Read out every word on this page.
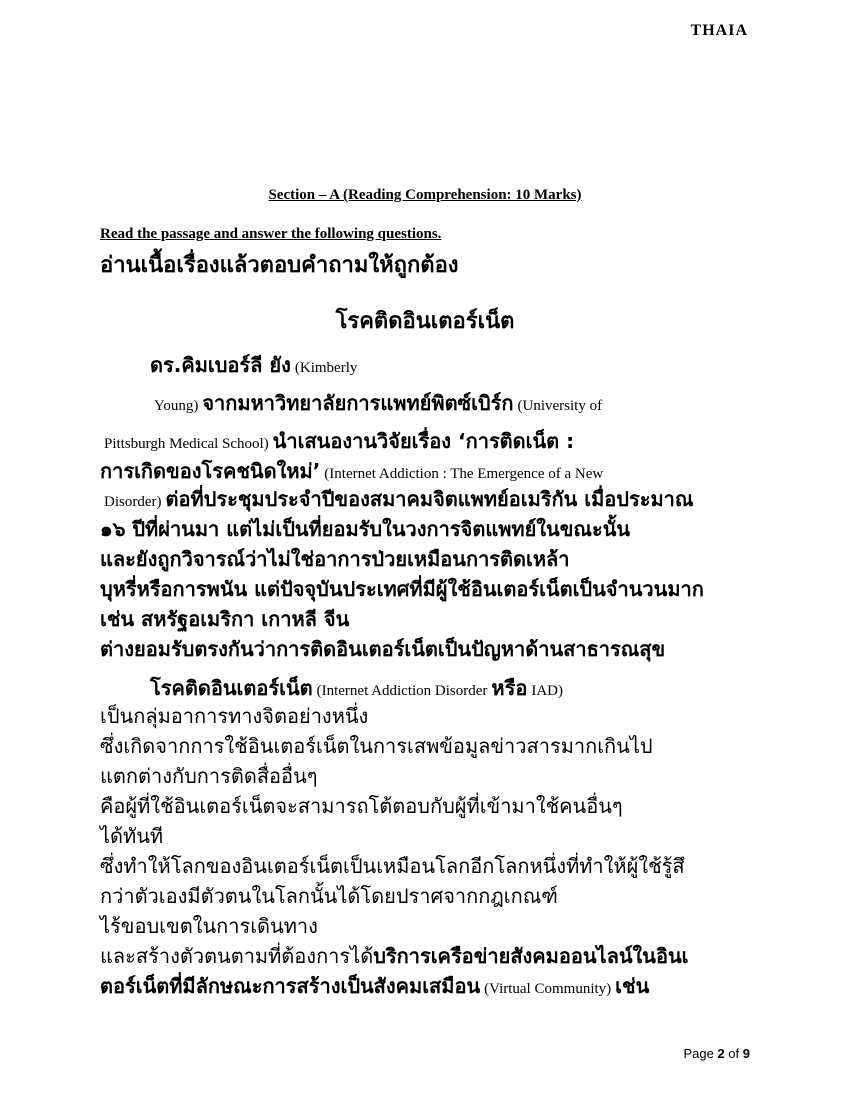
THAIA
Section – A (Reading Comprehension: 10 Marks)
Read the passage and answer the following questions.
อ่านเนื้อเรื่องแล้วตอบคำถามให้ถูกต้อง
โรคติดอินเตอร์เน็ต
ดร.คิมเบอร์ลี ยัง (Kimberly
Young) จากมหาวิทยาลัยการแพทย์พิตซ์เบิร์ก (University of
Pittsburgh Medical School) นำเสนองานวิจัยเรื่อง ‘การติดเน็ต :
การเกิดของโรคชนิดใหม่’ (Internet Addiction : The Emergence of a New
Disorder) ต่อที่ประชุมประจำปีของสมาคมจิตแพทย์อเมริกัน เมื่อประมาณ
๑๖ ปีที่ผ่านมา แต่ไม่เป็นที่ยอมรับในวงการจิตแพทย์ในขณะนั้น
และยังถูกวิจารณ์ว่าไม่ใช่อาการป่วยเหมือนการติดเหล้า
บุหรี่หรือการพนัน แต่ปัจจุบันประเทศที่มีผู้ใช้อินเตอร์เน็ตเป็นจำนวนมาก
เช่น สหรัฐอเมริกา เกาหลี จีน
ต่างยอมรับตรงกันว่าการติดอินเตอร์เน็ตเป็นปัญหาด้านสาธารณสุข
โรคติดอินเตอร์เน็ต (Internet Addiction Disorder หรือ IAD)
เป็นกลุ่มอาการทางจิตอย่างหนึ่ง
ซึ่งเกิดจากการใช้อินเตอร์เน็ตในการเสพข้อมูลข่าวสารมากเกินไป
แตกต่างกับการติดสื่ออื่นๆ
คือผู้ที่ใช้อินเตอร์เน็ตจะสามารถโต้ตอบกับผู้ที่เข้ามาใช้คนอื่นๆ
ได้ทันที
ซึ่งทำให้โลกของอินเตอร์เน็ตเป็นเหมือนโลกอีกโลกหนึ่งที่ทำให้ผู้ใช้รู้สึ
กว่าตัวเองมีตัวตนในโลกนั้นได้โดยปราศจากกฎเกณฑ์
ไร้ขอบเขตในการเดินทาง
และสร้างตัวตนตามที่ต้องการได้บริการเครือข่ายสังคมออนไลน์ในอินเ
ตอร์เน็ตที่มีลักษณะการสร้างเป็นสังคมเสมือน (Virtual Community) เช่น
Page 2 of 9
